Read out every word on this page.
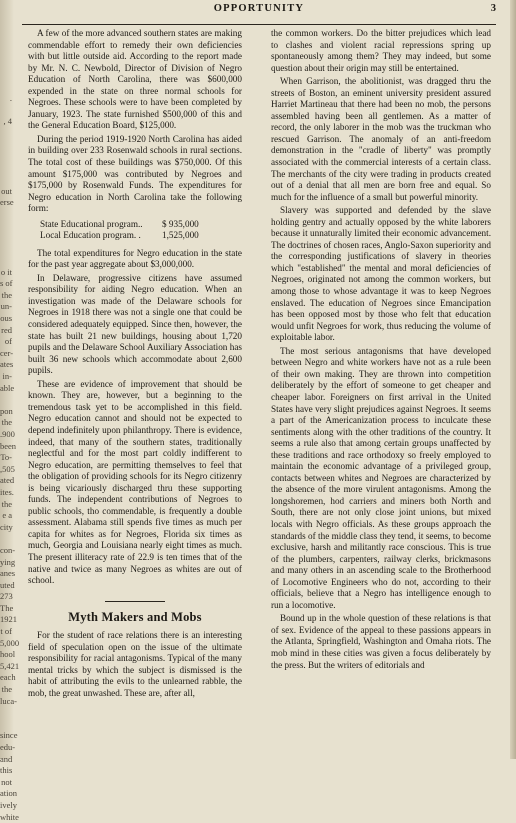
.

, 4

out
erse

o it
s of
the
un-
ous
red
of
cer-
ates
in-
able

pon
the
.900
been
To-
,505
ated
ites.
the
e a
city

con-
ying
anes
uted
273
The
1921
t of
5,000
hool
5,421
each
the
luca-

since
edu-
and
this
not
ation
ively
white
OPPORTUNITY	3

A few of the more advanced southern states are making commendable effort to remedy their own deficiencies with but little outside aid. According to the report made by Mr. N. C. Newbold, Director of Division of Negro Education of North Carolina, there was $600,000 expended in the state on three normal schools for Negroes. These schools were to have been completed by January, 1923. The state furnished $500,000 of this and the General Education Board, $125,000.

During the period 1919-1920 North Carolina has aided in building over 233 Rosenwald schools in rural sections. The total cost of these buildings was $750,000. Of this amount $175,000 was contributed by Negroes and $175,000 by Rosenwald Funds. The expenditures for Negro education in North Carolina take the following form:

State Educational program..	$ 935,000
Local Education program. .	1,525,000

The total expenditures for Negro education in the state for the past year aggregate about $3,000,000.

In Delaware, progressive citizens have assumed responsibility for aiding Negro education. When an investigation was made of the Delaware schools for Negroes in 1918 there was not a single one that could be considered adequately equipped. Since then, however, the state has built 21 new buildings, housing about 1,720 pupils and the Delaware School Auxiliary Association has built 36 new schools which accommodate about 2,600 pupils.

These are evidence of improvement that should be known. They are, however, but a beginning to the tremendous task yet to be accomplished in this field. Negro education cannot and should not be expected to depend indefinitely upon philanthropy. There is evidence, indeed, that many of the southern states, traditionally neglectful and for the most part coldly indifferent to Negro education, are permitting themselves to feel that the obligation of providing schools for its Negro citizenry is being vicariously discharged thru these supporting funds. The independent contributions of Negroes to public schools, tho commendable, is frequently a double assessment. Alabama still spends five times as much per capita for whites as for Negroes, Florida six times as much, Georgia and Louisiana nearly eight times as much. The present illiteracy rate of 22.9 is ten times that of the native and twice as many Negroes as whites are out of school.

Myth Makers and Mobs

For the student of race relations there is an interesting field of speculation open on the issue of the ultimate responsibility for racial antagonisms. Typical of the many mental tricks by which the subject is dismissed is the habit of attributing the evils to the unlearned rabble, the mob, the great unwashed. These are, after all,

the common workers. Do the bitter prejudices which lead to clashes and violent racial repressions spring up spontaneously among them? They may indeed, but some question about their origin may still be entertained.

When Garrison, the abolitionist, was dragged thru the streets of Boston, an eminent university president assured Harriet Martineau that there had been no mob, the persons assembled having been all gentlemen. As a matter of record, the only laborer in the mob was the truckman who rescued Garrison. The anomaly of an anti-freedom demonstration in the "cradle of liberty" was promptly associated with the commercial interests of a certain class. The merchants of the city were trading in products created out of a denial that all men are born free and equal. So much for the influence of a small but powerful minority.

Slavery was supported and defended by the slave holding gentry and actually opposed by the white laborers because it unnaturally limited their economic advancement. The doctrines of chosen races, Anglo-Saxon superiority and the corresponding justifications of slavery in theories which "established" the mental and moral deficiencies of Negroes, originated not among the common workers, but among those to whose advantage it was to keep Negroes enslaved. The education of Negroes since Emancipation has been opposed most by those who felt that education would unfit Negroes for work, thus reducing the volume of exploitable labor.

The most serious antagonisms that have developed between Negro and white workers have not as a rule been of their own making. They are thrown into competition deliberately by the effort of someone to get cheaper and cheaper labor. Foreigners on first arrival in the United States have very slight prejudices against Negroes. It seems a part of the Americanization process to inculcate these sentiments along with the other traditions of the country. It seems a rule also that among certain groups unaffected by these traditions and race orthodoxy so freely employed to maintain the economic advantage of a privileged group, contacts between whites and Negroes are characterized by the absence of the more virulent antagonisms. Among the longshoremen, hod carriers and miners both North and South, there are not only close joint unions, but mixed locals with Negro officials. As these groups approach the standards of the middle class they tend, it seems, to become exclusive, harsh and militantly race conscious. This is true of the plumbers, carpenters, railway clerks, brickmasons and many others in an ascending scale to the Brotherhood of Locomotive Engineers who do not, according to their officials, believe that a Negro has intelligence enough to run a locomotive.

Bound up in the whole question of these relations is that of sex. Evidence of the appeal to these passions appears in the Atlanta, Springfield, Washington and Omaha riots. The mob mind in these cities was given a focus deliberately by the press. But the writers of editorials and
